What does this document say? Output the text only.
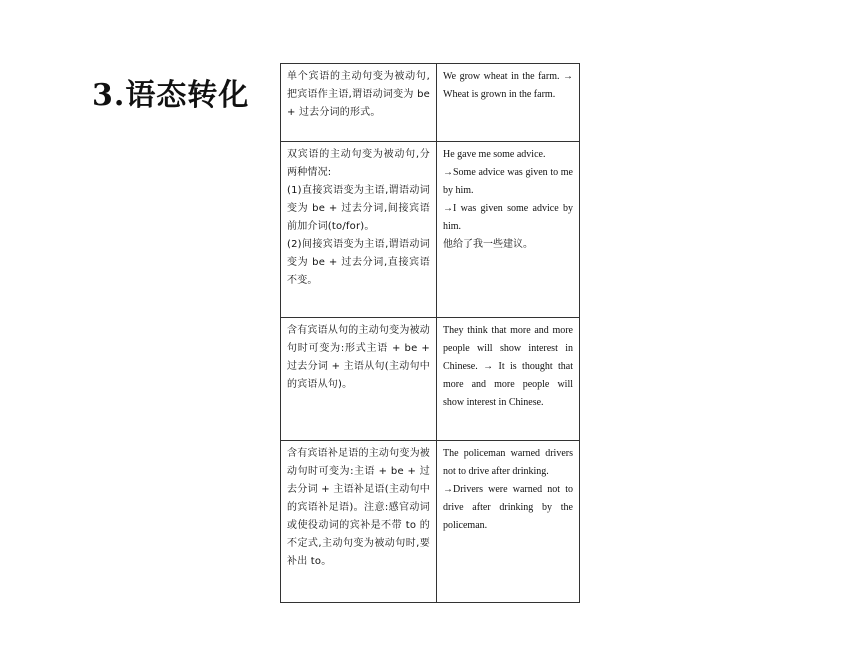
3.语态转化
单个宾语的主动句变为被动句,把宾语作主语,谓语动词变为 be + 过去分词的形式。	We grow wheat in the farm. → Wheat is grown in the farm.

双宾语的主动句变为被动句,分两种情况:
(1)直接宾语变为主语,谓语动词变为 be + 过去分词,间接宾语前加介词(to/for)。
(2)间接宾语变为主语,谓语动词变为 be + 过去分词,直接宾语不变。	He gave me some advice.
→Some advice was given to me by him.
→I was given some advice by him.
他给了我一些建议。

含有宾语从句的主动句变为被动句时可变为:形式主语 + be + 过去分词 + 主语从句(主动句中的宾语从句)。	They think that more and more people will show interest in Chinese. → It is thought that more and more people will show interest in Chinese.

含有宾语补足语的主动句变为被动句时可变为:主语 + be + 过去分词 + 主语补足语(主动句中的宾语补足语)。注意:感官动词或使役动词的宾补是不带 to 的不定式,主动句变为被动句时,要补出 to。	The policeman warned drivers not to drive after drinking.
→Drivers were warned not to drive after drinking by the policeman.
